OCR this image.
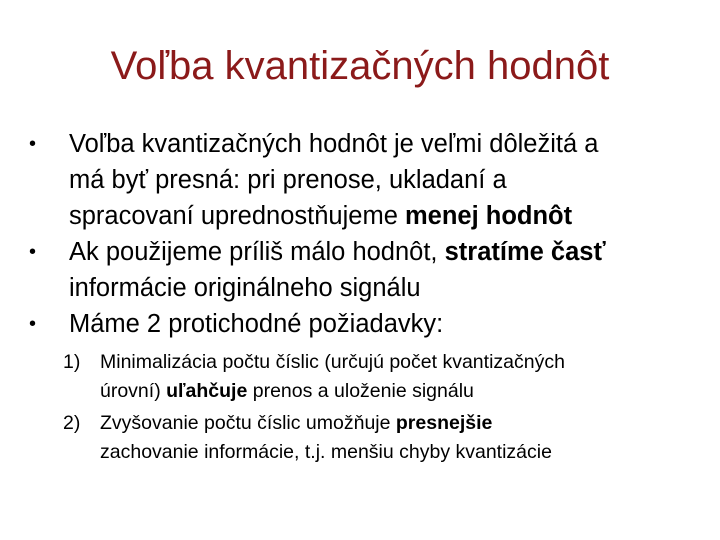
Voľba kvantizačných hodnôt
• Voľba kvantizačných hodnôt je veľmi dôležitá a
má byť presná: pri prenose, ukladaní a
spracovaní uprednostňujeme menej hodnôt
• Ak použijeme príliš málo hodnôt, stratíme časť
informácie originálneho signálu
• Máme 2 protichodné požiadavky:
1) Minimalizácia počtu číslic (určujú počet kvantizačných
úrovní) uľahčuje prenos a uloženie signálu
2) Zvyšovanie počtu číslic umožňuje presnejšie
zachovanie informácie, t.j. menšiu chyby kvantizácie
